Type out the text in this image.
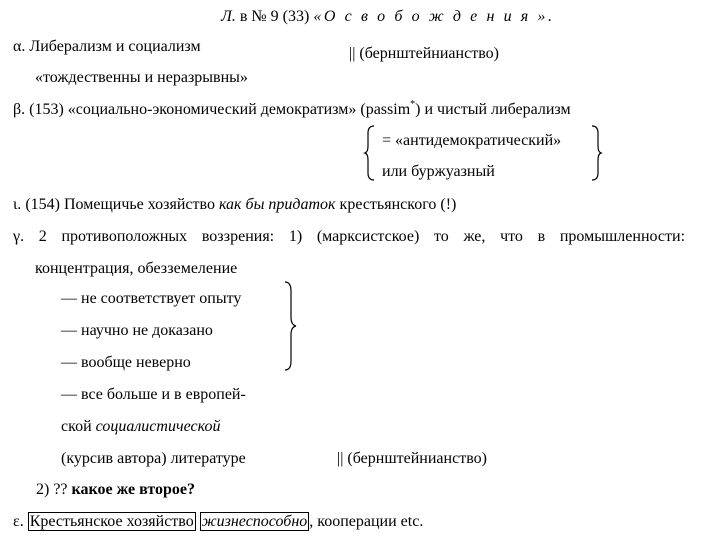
Л. в № 9 (33) «О с в о б о ж д е н и я ».
α. Либерализм и социализм	|| (бернштейнианство)
«тождественны и неразрывны»
β. (153) «социально-экономический демократизм» (passim*) и чистый либерализм
= «антидемократический»
или буржуазный
ι. (154) Помещичье хозяйство как бы придаток крестьянского (!)
γ. 2 противоположных воззрения: 1) (марксистское) то же, что в промышленности:
концентрация, обезземеление
— не соответствует опыту
— научно не доказано
— вообще неверно
— все больше и в европей-
ской социалистической
(курсив автора) литературе	|| (бернштейнианство)
2) ?? какое же второе?
ε. Крестьянское хозяйство жизнеспособно , кооперации etc.
